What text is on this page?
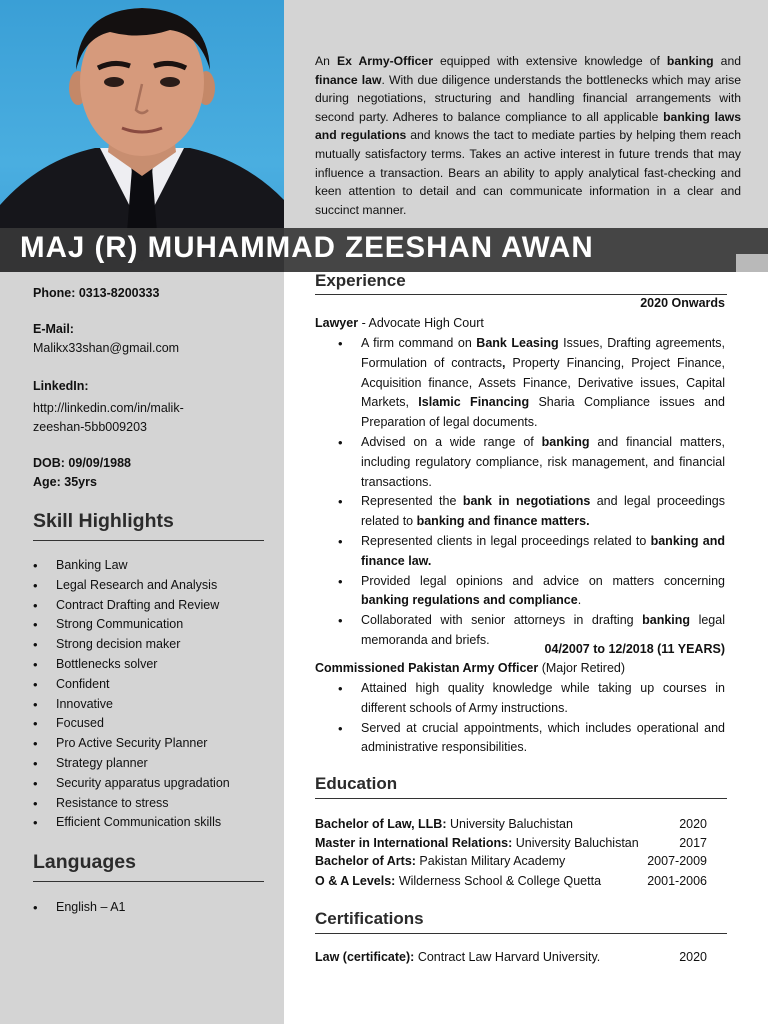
An Ex Army-Officer equipped with extensive knowledge of banking and finance law. With due diligence understands the bottlenecks which may arise during negotiations, structuring and handling financial arrangements with second party. Adheres to balance compliance to all applicable banking laws and regulations and knows the tact to mediate parties by helping them reach mutually satisfactory terms. Takes an active interest in future trends that may influence a transaction. Bears an ability to apply analytical fast-checking and keen attention to detail and can communicate information in a clear and succinct manner.

MAJ (R) MUHAMMAD ZEESHAN AWAN
Phone: 0313-8200333
E-Mail:
Malikx33shan@gmail.com
LinkedIn:
http://linkedin.com/in/malik-
zeeshan-5bb009203
DOB: 09/09/1988
Age: 35yrs
Skill Highlights
• Banking Law
• Legal Research and Analysis
• Contract Drafting and Review
• Strong Communication
• Strong decision maker
• Bottlenecks solver
• Confident
• Innovative
• Focused
• Pro Active Security Planner
• Strategy planner
• Security apparatus upgradation
• Resistance to stress
• Efficient Communication skills
Languages
• English – A1
Experience
2020 Onwards
Lawyer - Advocate High Court
• A firm command on Bank Leasing Issues, Drafting agreements, Formulation of contracts, Property Financing, Project Finance, Acquisition finance, Assets Finance, Derivative issues, Capital Markets, Islamic Financing Sharia Compliance issues and Preparation of legal documents.
• Advised on a wide range of banking and financial matters, including regulatory compliance, risk management, and financial transactions.
• Represented the bank in negotiations and legal proceedings related to banking and finance matters.
• Represented clients in legal proceedings related to banking and finance law.
• Provided legal opinions and advice on matters concerning banking regulations and compliance.
• Collaborated with senior attorneys in drafting banking legal memoranda and briefs.
04/2007 to 12/2018 (11 YEARS)
Commissioned Pakistan Army Officer (Major Retired)
• Attained high quality knowledge while taking up courses in different schools of Army instructions.
• Served at crucial appointments, which includes operational and administrative responsibilities.
Education
Bachelor of Law, LLB: University Baluchistan	2020
Master in International Relations: University Baluchistan	2017
Bachelor of Arts: Pakistan Military Academy	2007-2009
O & A Levels: Wilderness School & College Quetta	2001-2006
Certifications
Law (certificate): Contract Law Harvard University.	2020
